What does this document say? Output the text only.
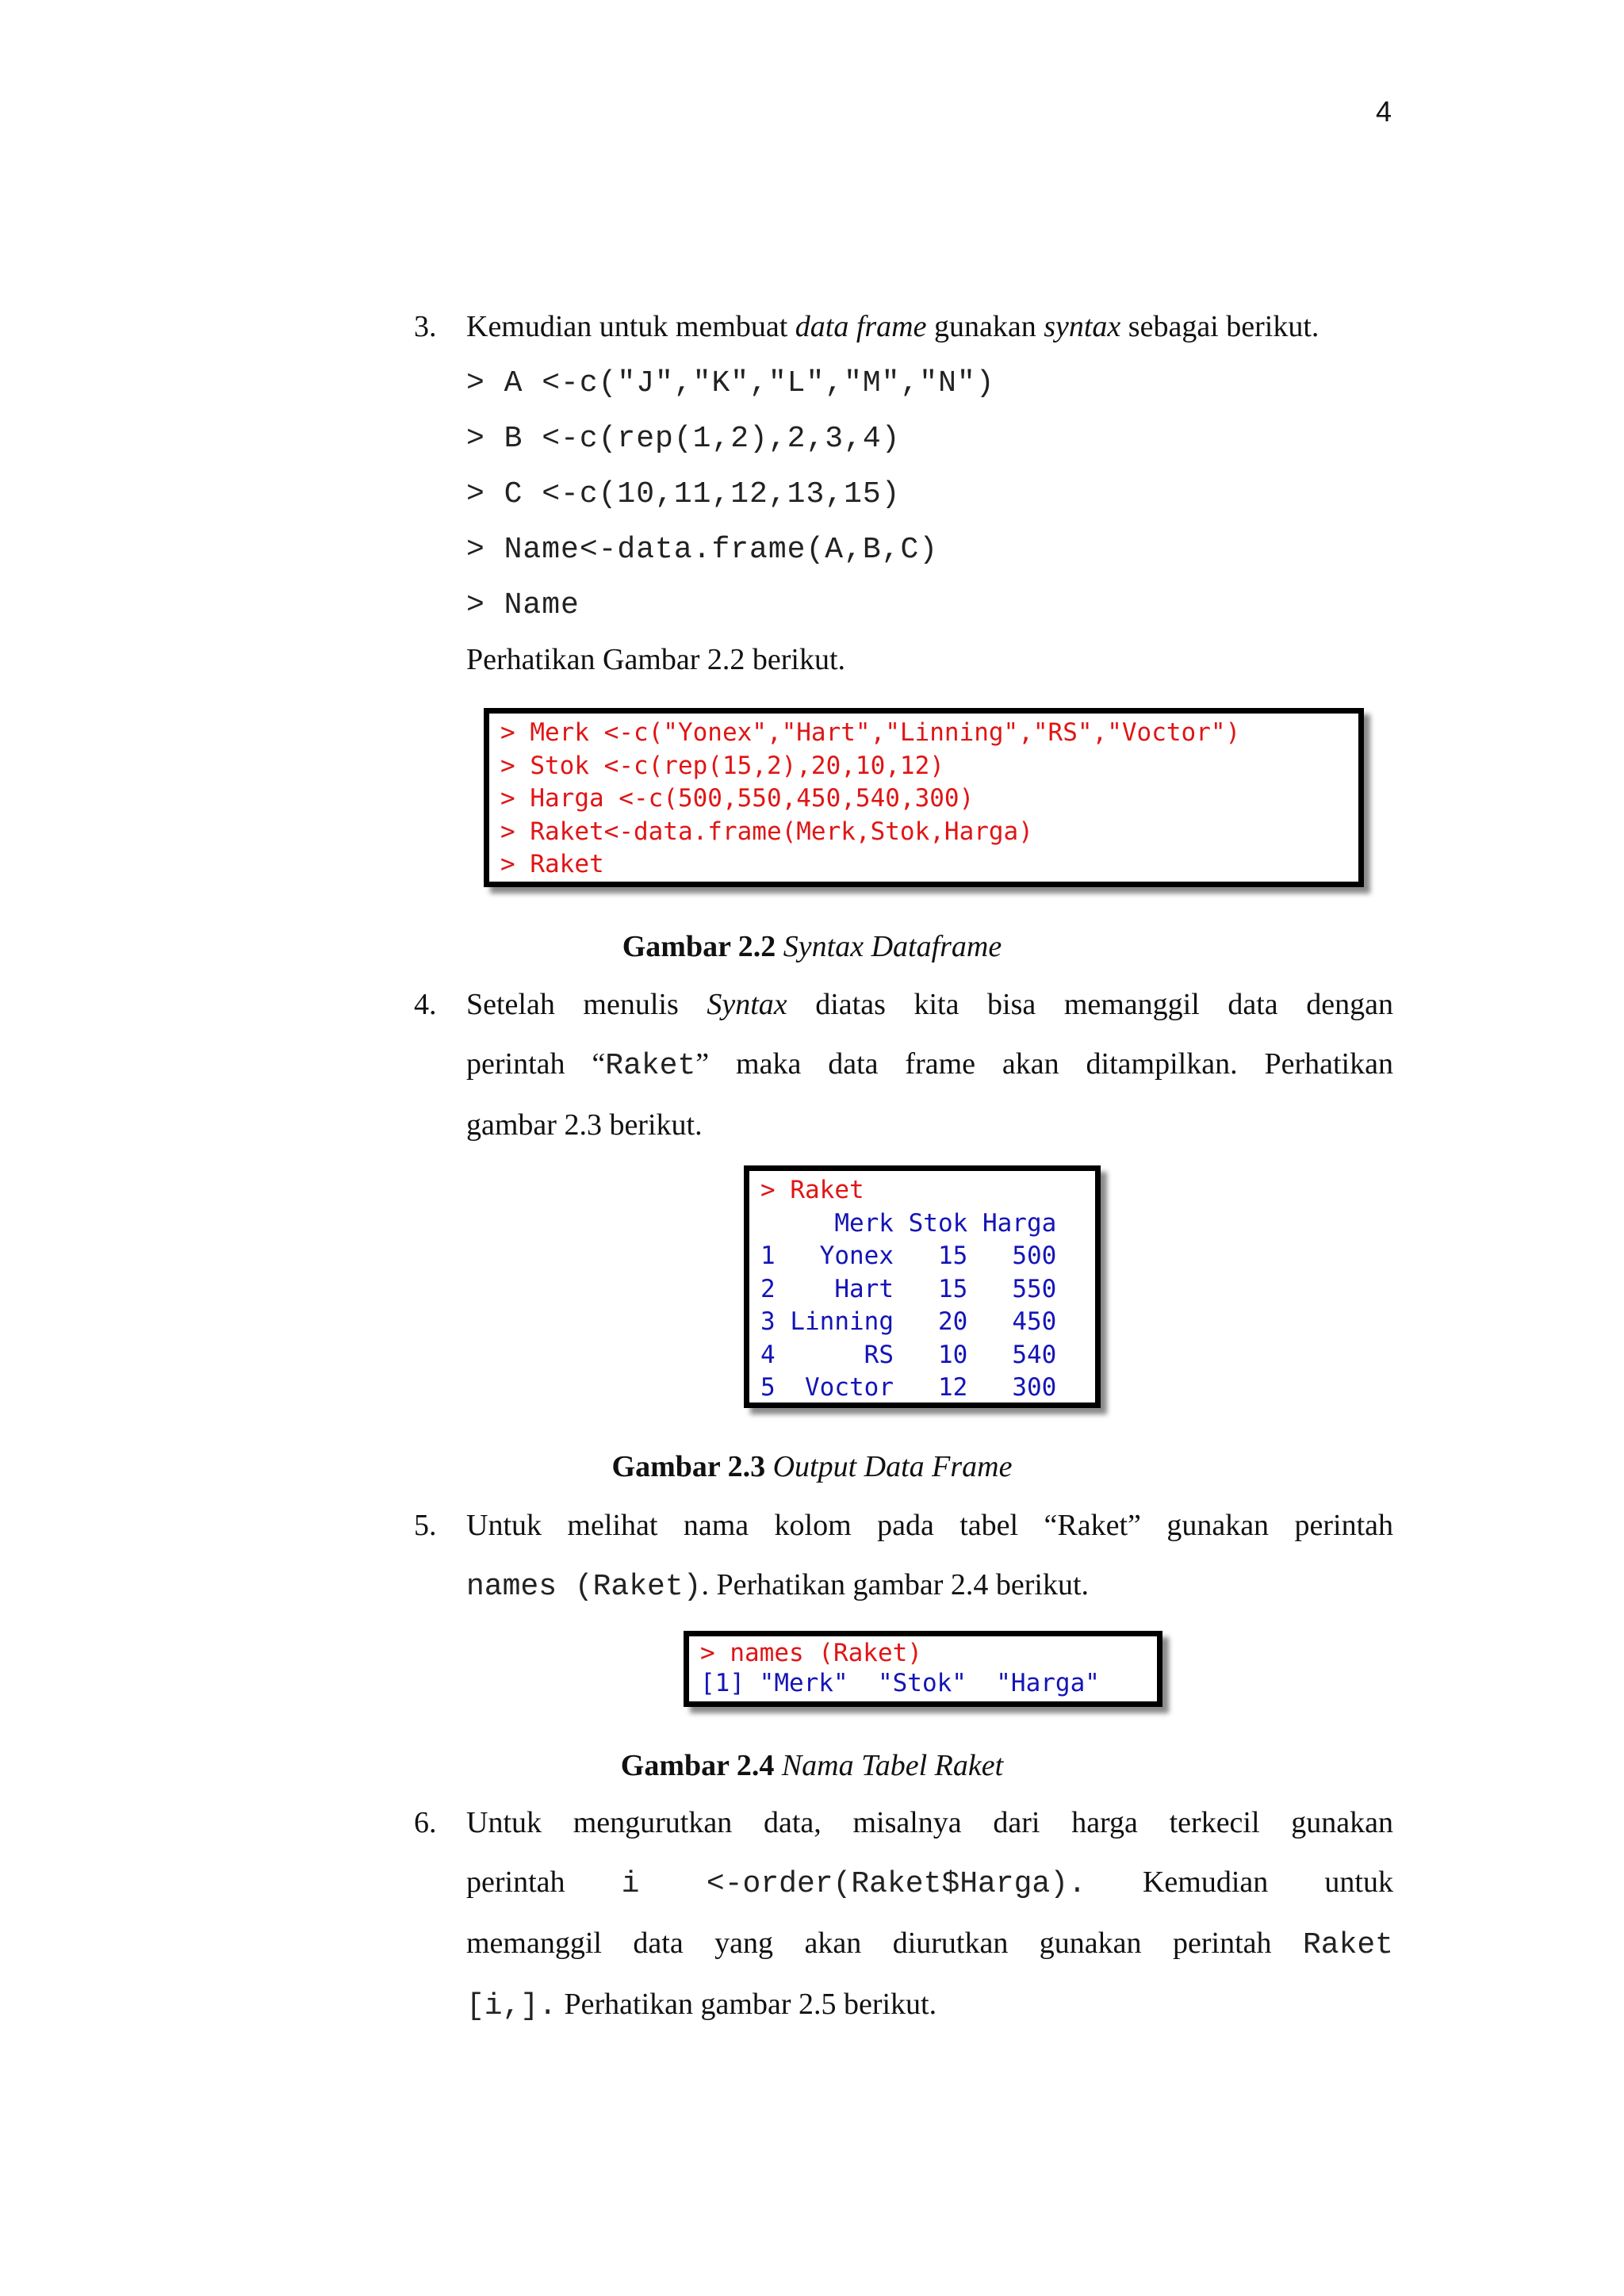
4
3. Kemudian untuk membuat data frame gunakan syntax sebagai berikut.
> A <-c("J","K","L","M","N")
> B <-c(rep(1,2),2,3,4)
> C <-c(10,11,12,13,15)
> Name<-data.frame(A,B,C)
> Name
Perhatikan Gambar 2.2 berikut.
> Merk <-c("Yonex","Hart","Linning","RS","Voctor")
> Stok <-c(rep(15,2),20,10,12)
> Harga <-c(500,550,450,540,300)
> Raket<-data.frame(Merk,Stok,Harga)
> Raket
Gambar 2.2 Syntax Dataframe
4. Setelah menulis Syntax diatas kita bisa memanggil data dengan
perintah “Raket” maka data frame akan ditampilkan. Perhatikan
gambar 2.3 berikut.
> Raket
Merk Stok Harga
1   Yonex 15 500
2    Hart 15 550
3 Linning 20 450
4      RS 10 540
5  Voctor 12 300
Gambar 2.3 Output Data Frame
5. Untuk melihat nama kolom pada tabel “Raket” gunakan perintah
names (Raket). Perhatikan gambar 2.4 berikut.
> names (Raket)
[1] "Merk"  "Stok"  "Harga"
Gambar 2.4 Nama Tabel Raket
6. Untuk mengurutkan data, misalnya dari harga terkecil gunakan
perintah i <-order(Raket$Harga). Kemudian untuk
memanggil data yang akan diurutkan gunakan perintah Raket
[i,]. Perhatikan gambar 2.5 berikut.
